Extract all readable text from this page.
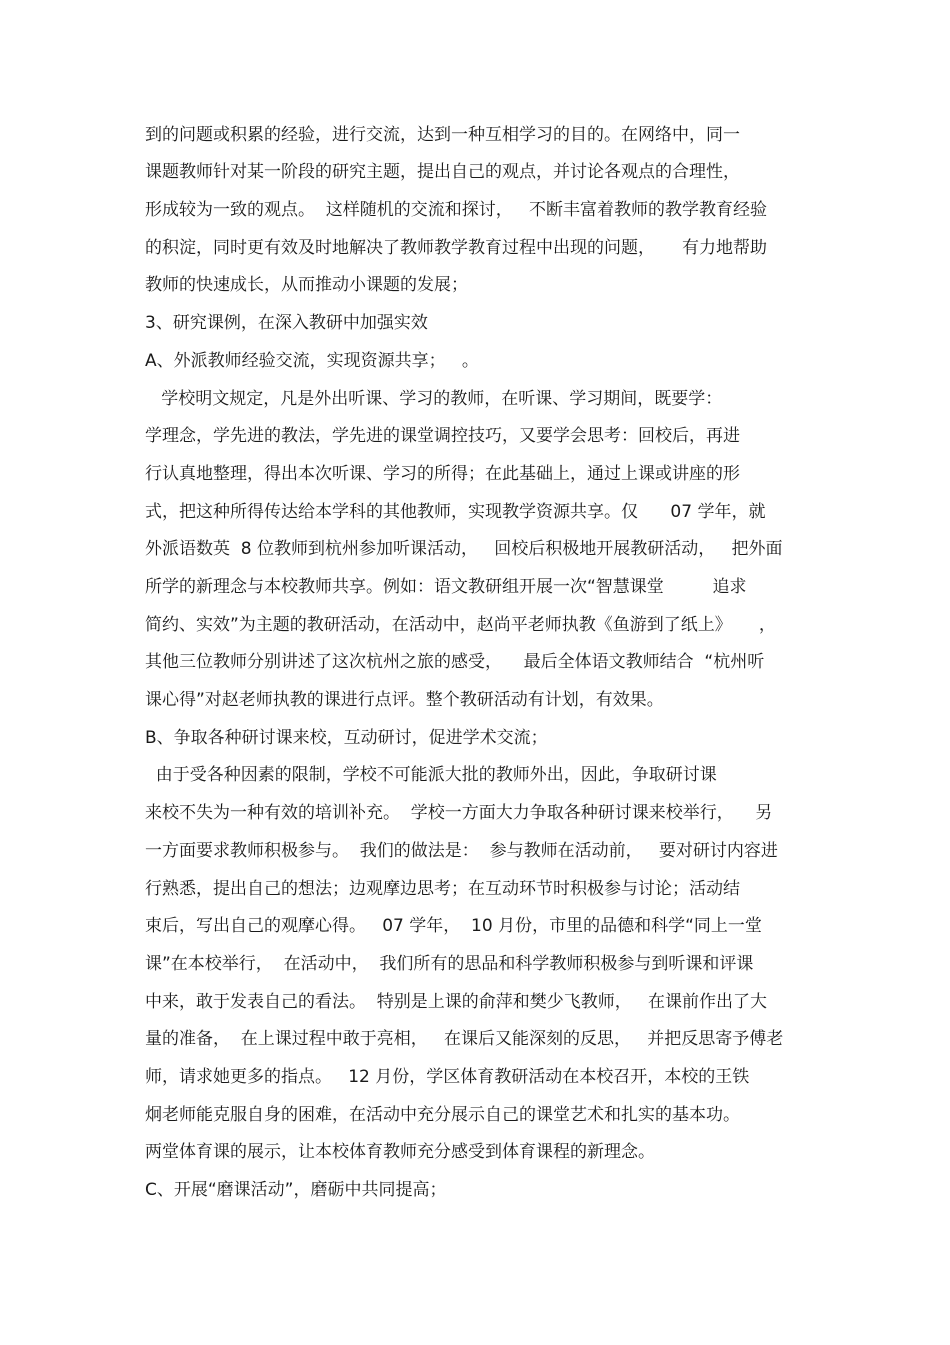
到的问题或积累的经验，进行交流，达到一种互相学习的目的。在网络中，同一
课题教师针对某一阶段的研究主题，提出自己的观点，并讨论各观点的合理性，
形成较为一致的观点。  这样随机的交流和探讨，   不断丰富着教师的教学教育经验
的积淀，同时更有效及时地解决了教师教学教育过程中出现的问题，     有力地帮助
教师的快速成长，从而推动小课题的发展；
3、研究课例，在深入教研中加强实效
A、外派教师经验交流，实现资源共享；   。
学校明文规定，凡是外出听课、学习的教师，在听课、学习期间，既要学：
学理念，学先进的教法，学先进的课堂调控技巧，又要学会思考：回校后，再进
行认真地整理，得出本次听课、学习的所得；在此基础上，通过上课或讲座的形
式，把这种所得传达给本学科的其他教师，实现教学资源共享。仅      07 学年，就
外派语数英  8 位教师到杭州参加听课活动，   回校后积极地开展教研活动，   把外面
所学的新理念与本校教师共享。例如：语文教研组开展一次“智慧课堂         追求
简约、实效”为主题的教研活动，在活动中，赵尚平老师执教《鱼游到了纸上》     ，
其他三位教师分别讲述了这次杭州之旅的感受，    最后全体语文教师结合  “杭州听
课心得”对赵老师执教的课进行点评。整个教研活动有计划，有效果。
B、争取各种研讨课来校，互动研讨，促进学术交流；
由于受各种因素的限制，学校不可能派大批的教师外出，因此，争取研讨课
来校不失为一种有效的培训补充。  学校一方面大力争取各种研讨课来校举行，    另
一方面要求教师积极参与。  我们的做法是：  参与教师在活动前，   要对研讨内容进
行熟悉，提出自己的想法；边观摩边思考；在互动环节时积极参与讨论；活动结
束后，写出自己的观摩心得。   07 学年，  10 月份，市里的品德和科学“同上一堂
课”在本校举行，  在活动中，  我们所有的思品和科学教师积极参与到听课和评课
中来，敢于发表自己的看法。  特别是上课的俞萍和樊少飞教师，   在课前作出了大
量的准备，  在上课过程中敢于亮相，   在课后又能深刻的反思，   并把反思寄予傅老
师，请求她更多的指点。   12 月份，学区体育教研活动在本校召开，本校的王铁
炯老师能克服自身的困难，在活动中充分展示自己的课堂艺术和扎实的基本功。
两堂体育课的展示，让本校体育教师充分感受到体育课程的新理念。
C、开展“磨课活动”，磨砺中共同提高；
